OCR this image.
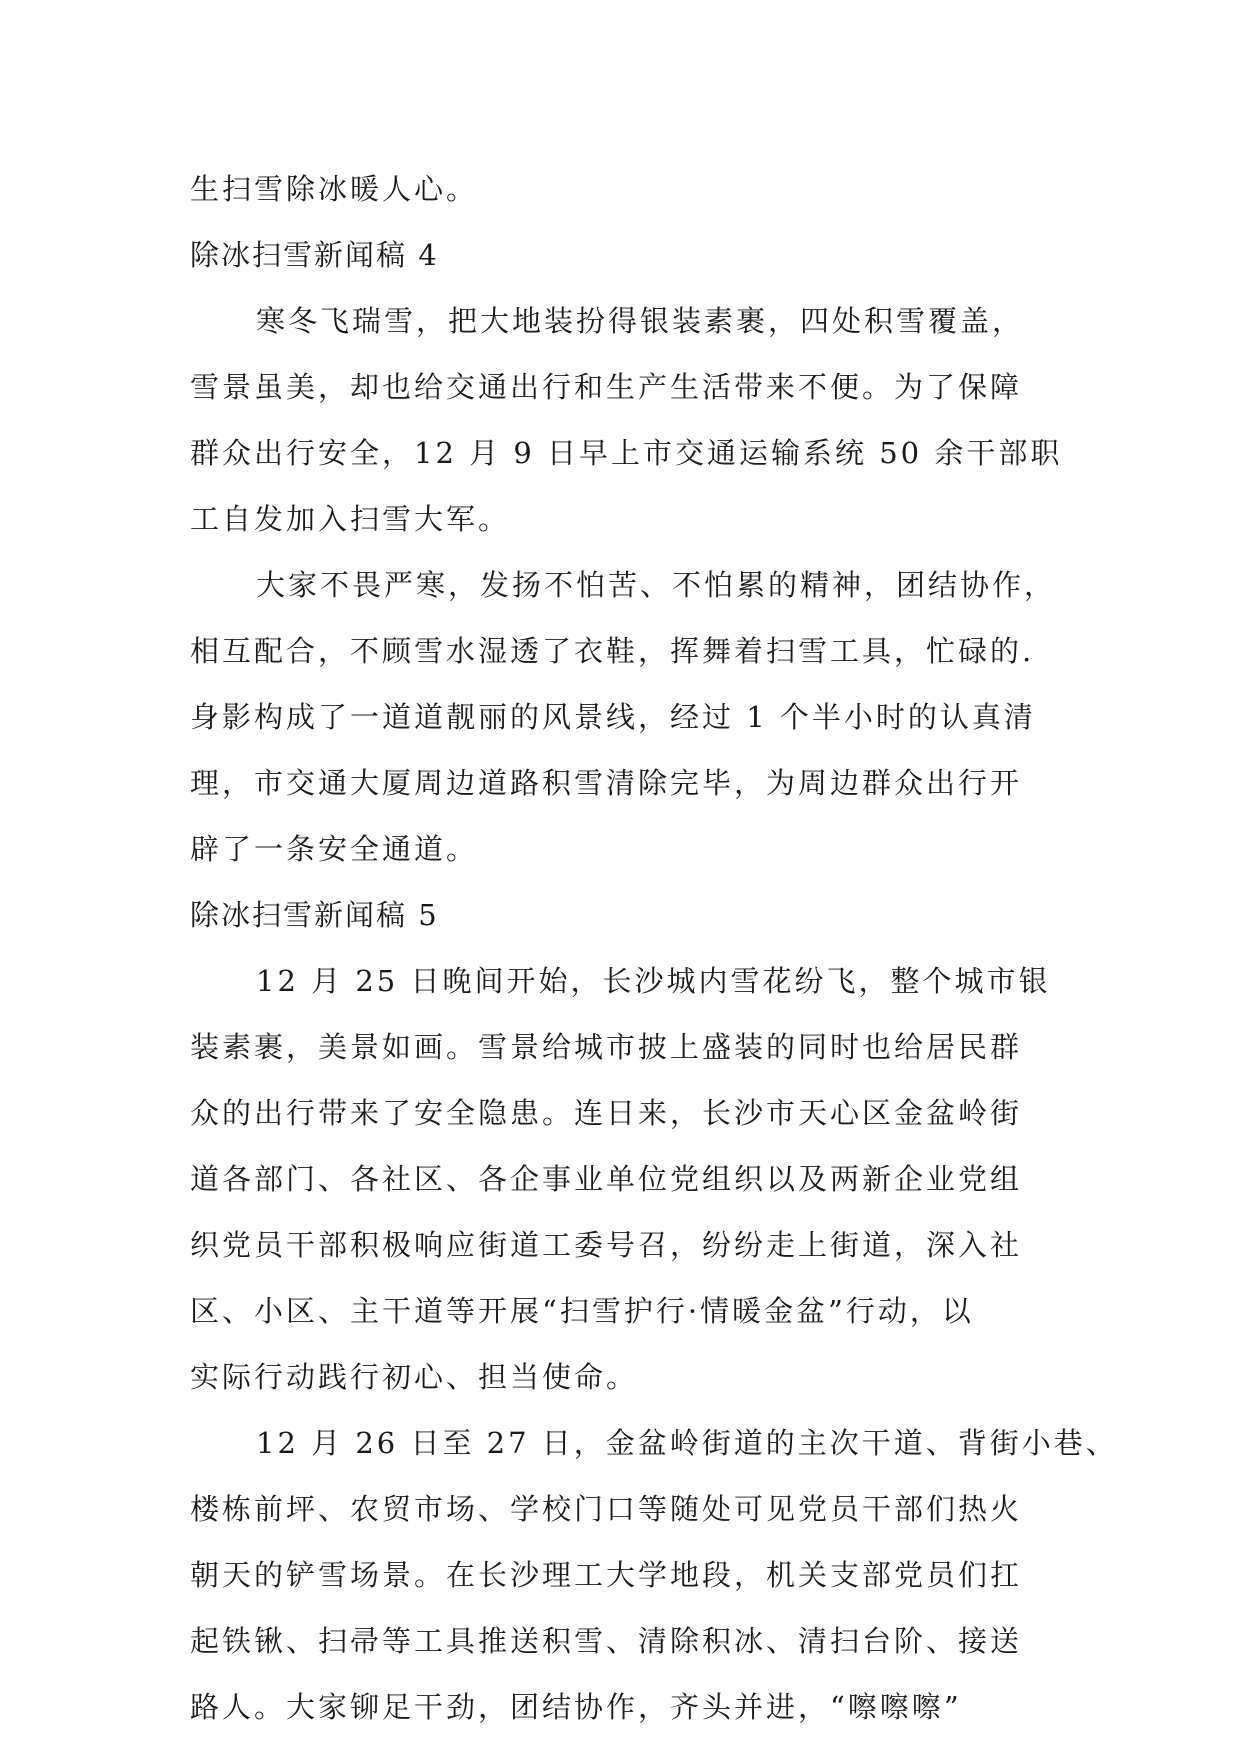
生扫雪除冰暖人心。
除冰扫雪新闻稿 4
寒冬飞瑞雪，把大地装扮得银装素裹，四处积雪覆盖，
雪景虽美，却也给交通出行和生产生活带来不便。为了保障
群众出行安全，12 月 9 日早上市交通运输系统 50 余干部职
工自发加入扫雪大军。
大家不畏严寒，发扬不怕苦、不怕累的精神，团结协作，
相互配合，不顾雪水湿透了衣鞋，挥舞着扫雪工具，忙碌的.
身影构成了一道道靓丽的风景线，经过 1 个半小时的认真清
理，市交通大厦周边道路积雪清除完毕，为周边群众出行开
辟了一条安全通道。
除冰扫雪新闻稿 5
12 月 25 日晚间开始，长沙城内雪花纷飞，整个城市银
装素裹，美景如画。雪景给城市披上盛装的同时也给居民群
众的出行带来了安全隐患。连日来，长沙市天心区金盆岭街
道各部门、各社区、各企事业单位党组织以及两新企业党组
织党员干部积极响应街道工委号召，纷纷走上街道，深入社
区、小区、主干道等开展“扫雪护行·情暖金盆”行动，以
实际行动践行初心、担当使命。
12 月 26 日至 27 日，金盆岭街道的主次干道、背街小巷、
楼栋前坪、农贸市场、学校门口等随处可见党员干部们热火
朝天的铲雪场景。在长沙理工大学地段，机关支部党员们扛
起铁锹、扫帚等工具推送积雪、清除积冰、清扫台阶、接送
路人。大家铆足干劲，团结协作，齐头并进，“嚓嚓嚓”
